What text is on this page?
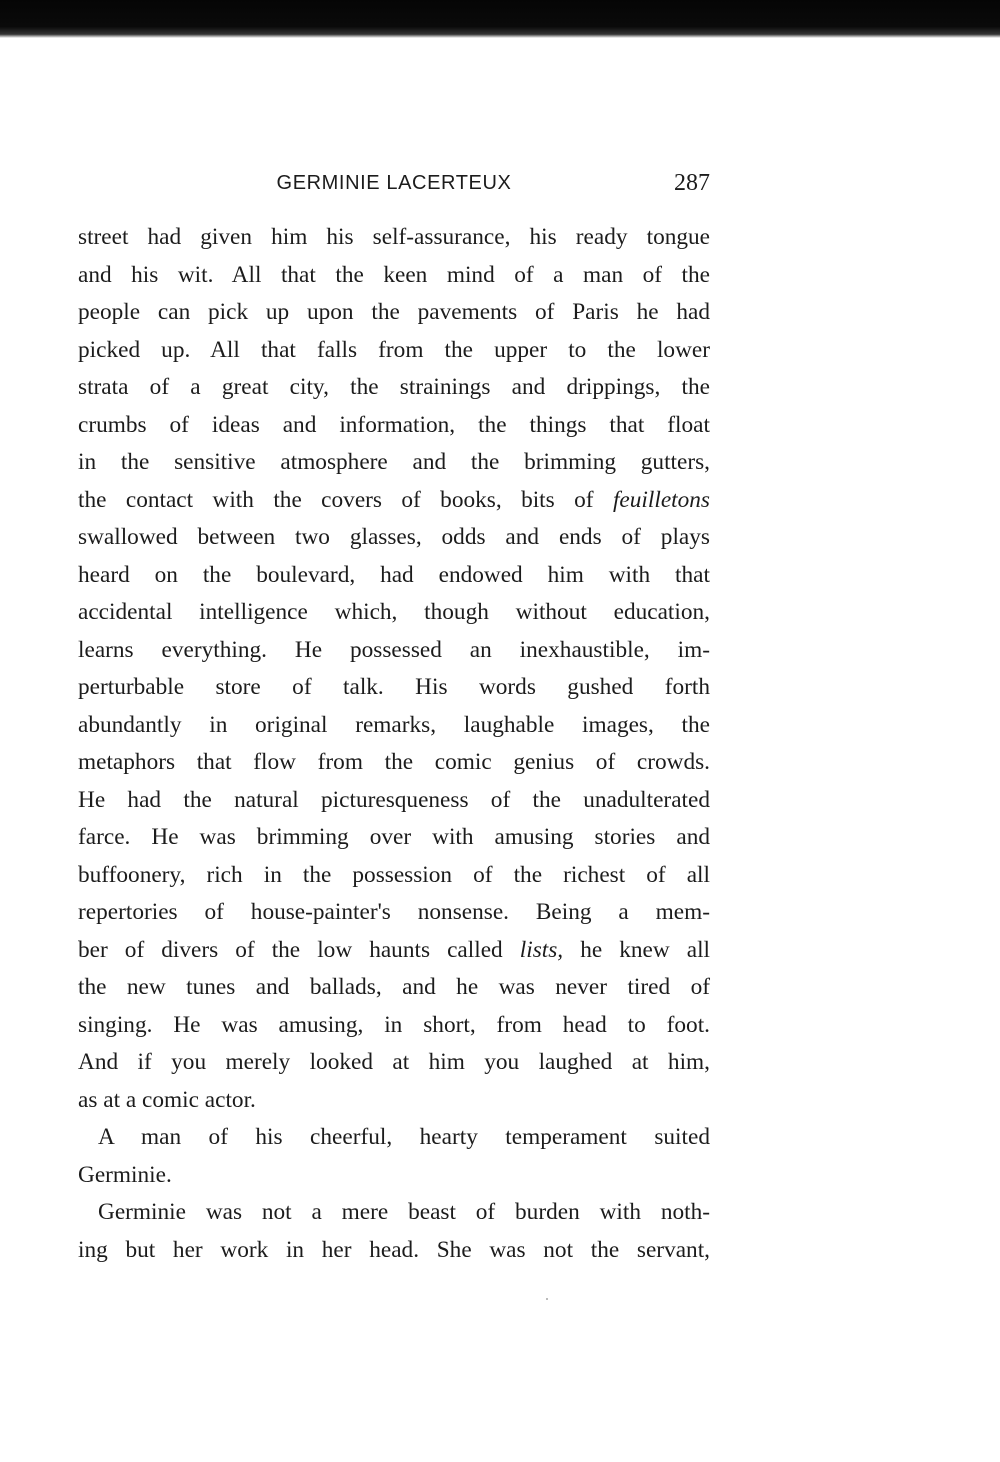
GERMINIE LACERTEUX	287
street had given him his self-assurance, his ready tongue
and his wit. All that the keen mind of a man of the
people can pick up upon the pavements of Paris he had
picked up. All that falls from the upper to the lower
strata of a great city, the strainings and drippings, the
crumbs of ideas and information, the things that float
in the sensitive atmosphere and the brimming gutters,
the contact with the covers of books, bits of feuilletons
swallowed between two glasses, odds and ends of plays
heard on the boulevard, had endowed him with that
accidental intelligence which, though without education,
learns everything. He possessed an inexhaustible, im-
perturbable store of talk. His words gushed forth
abundantly in original remarks, laughable images, the
metaphors that flow from the comic genius of crowds.
He had the natural picturesqueness of the unadulterated
farce. He was brimming over with amusing stories and
buffoonery, rich in the possession of the richest of all
repertories of house-painter's nonsense. Being a mem-
ber of divers of the low haunts called lists, he knew all
the new tunes and ballads, and he was never tired of
singing. He was amusing, in short, from head to foot.
And if you merely looked at him you laughed at him,
as at a comic actor.
A man of his cheerful, hearty temperament suited
Germinie.
Germinie was not a mere beast of burden with noth-
ing but her work in her head. She was not the servant,
